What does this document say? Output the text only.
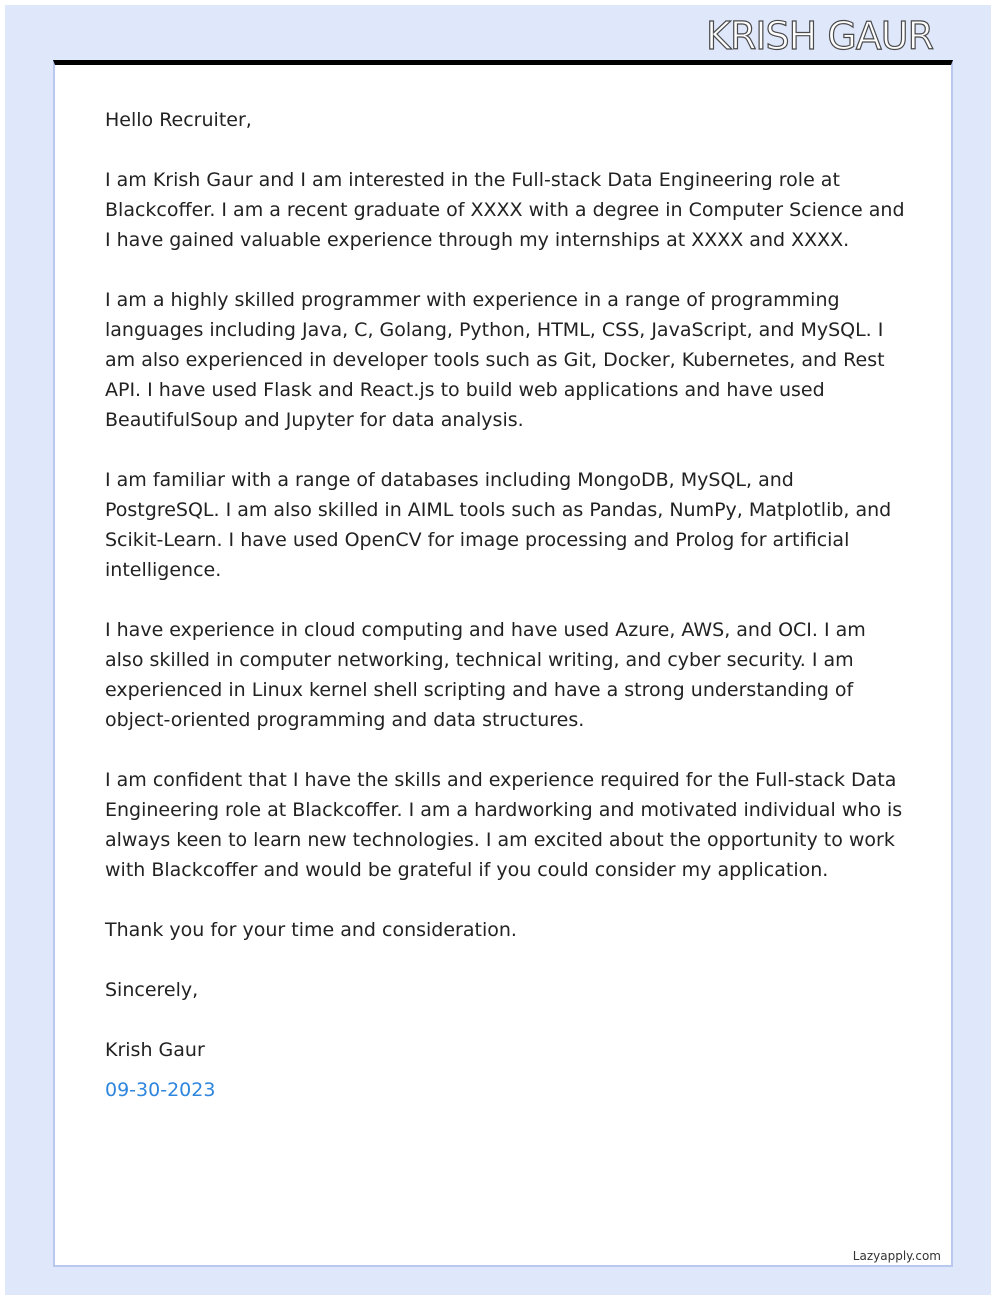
KRISH GAUR

Hello Recruiter,

I am Krish Gaur and I am interested in the Full-stack Data Engineering role at Blackcoffer. I am a recent graduate of XXXX with a degree in Computer Science and I have gained valuable experience through my internships at XXXX and XXXX.

I am a highly skilled programmer with experience in a range of programming languages including Java, C, Golang, Python, HTML, CSS, JavaScript, and MySQL. I am also experienced in developer tools such as Git, Docker, Kubernetes, and Rest API. I have used Flask and React.js to build web applications and have used BeautifulSoup and Jupyter for data analysis.

I am familiar with a range of databases including MongoDB, MySQL, and PostgreSQL. I am also skilled in AIML tools such as Pandas, NumPy, Matplotlib, and Scikit-Learn. I have used OpenCV for image processing and Prolog for artificial intelligence.

I have experience in cloud computing and have used Azure, AWS, and OCI. I am also skilled in computer networking, technical writing, and cyber security. I am experienced in Linux kernel shell scripting and have a strong understanding of object-oriented programming and data structures.

I am confident that I have the skills and experience required for the Full-stack Data Engineering role at Blackcoffer. I am a hardworking and motivated individual who is always keen to learn new technologies. I am excited about the opportunity to work with Blackcoffer and would be grateful if you could consider my application.

Thank you for your time and consideration.

Sincerely,

Krish Gaur

09-30-2023

Lazyapply.com
